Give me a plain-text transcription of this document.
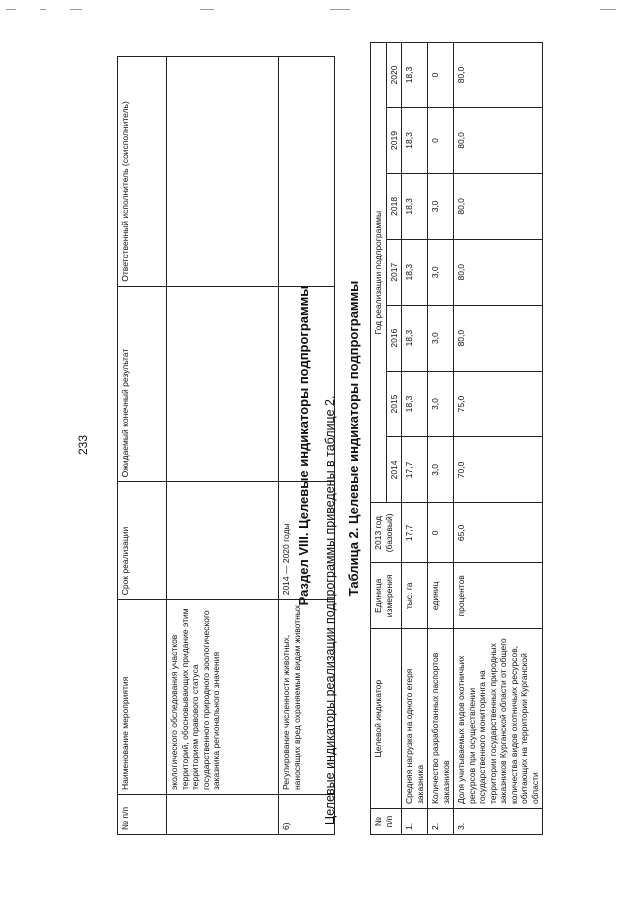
233
№ п/п	Наименование мероприятия	Срок реализации	Ожидаемый конечный результат	Ответственный исполнитель (соисполнитель)
	экологического обследования участков территорий, обосновывающих придание этим территориям правового статуса государственного природного зоологического заказника регионального значения			
6)	Регулирование численности животных, наносящих вред охраняемым видам животных	2014 — 2020 годы		Раздел VIII. Целевые индикаторы подпрограммы Целевые индикаторы реализации подпрограммы приведены в таблице 2. Таблица 2. Целевые индикаторы подпрограммы
№ п/п	Целевой индикатор	Единица измерения	2013 год (базовый)	Год реализации подпрограммы						
				2014	2015	2016	2017	2018	2019	2020
1.	Средняя нагрузка на одного егеря заказника	тыс. га	17,7	17,7	18,3	18,3	18,3	18,3	18,3	18,3
2.	Количество разработанных паспортов заказников	единиц	0	3,0	3,0	3,0	3,0	3,0	0	0
3.	Доля учитываемых видов охотничьих ресурсов при осуществлении государственного мониторинга на территории государственных природных заказников Курганской области от общего количества видов охотничьих ресурсов, обитающих на территории Курганской области	процентов	65,0	70,0	75,0	80,0	80,0	80,0	80,0	80,0
